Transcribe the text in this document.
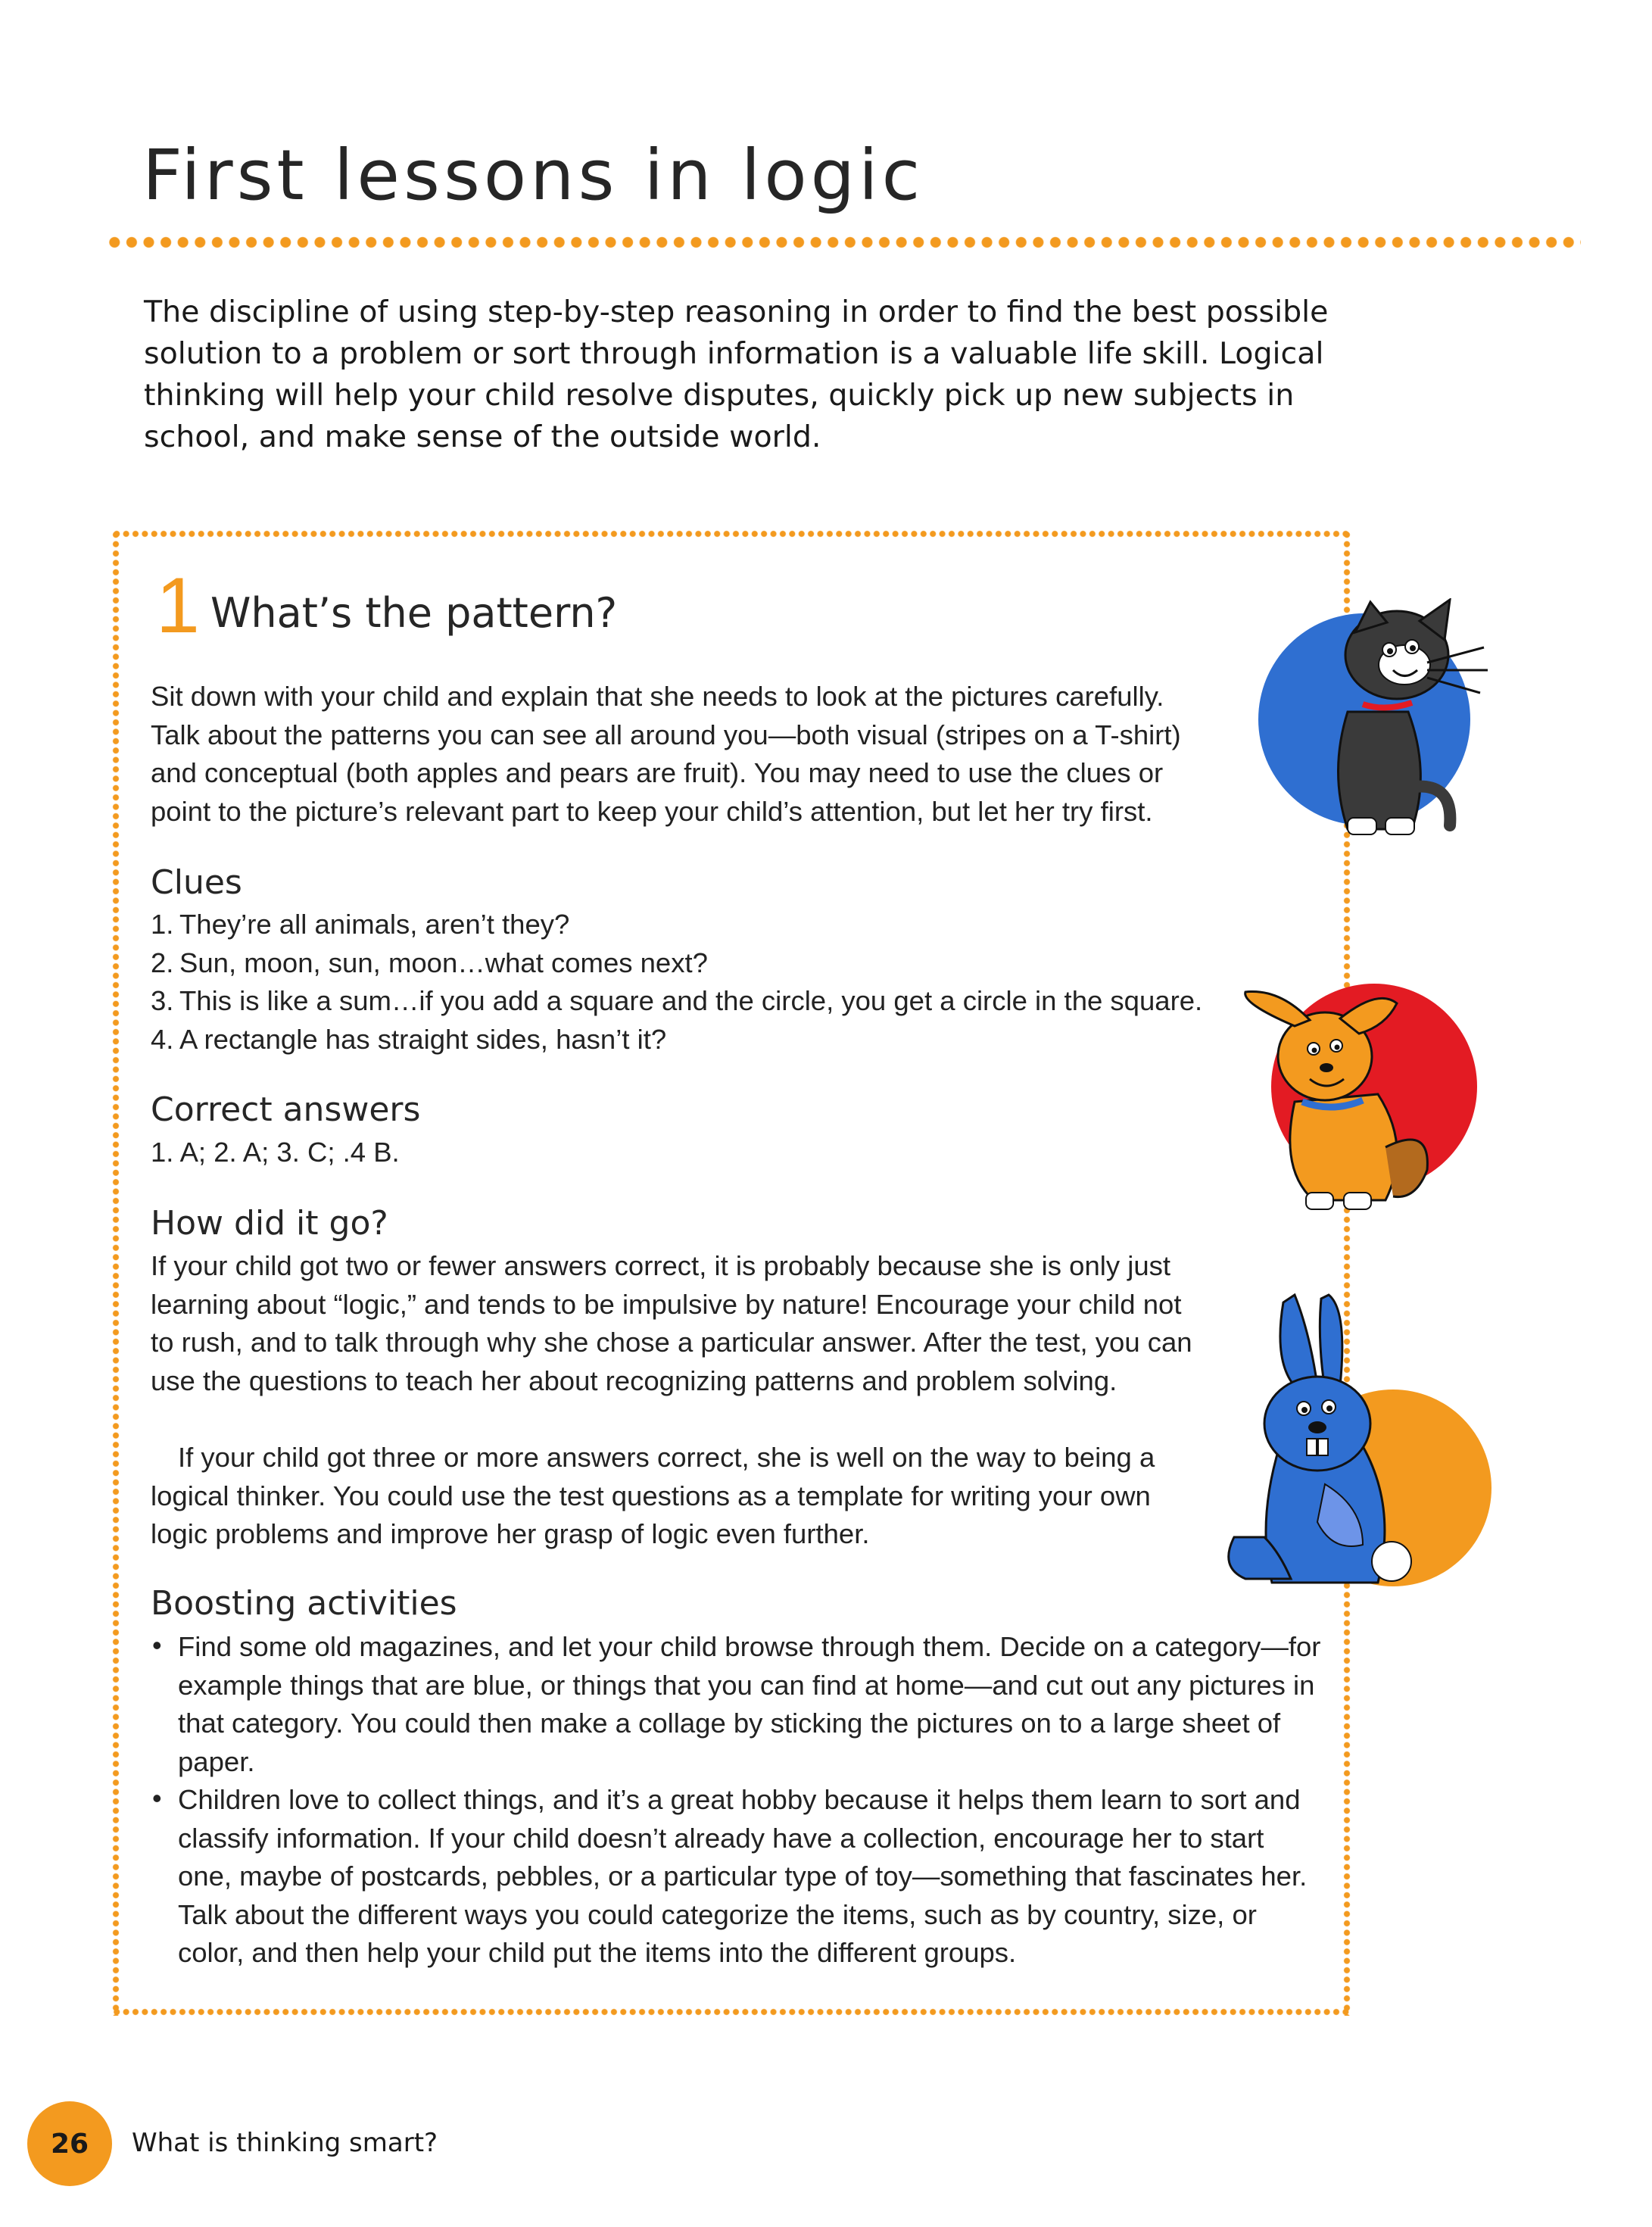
First lessons in logic

The discipline of using step-by-step reasoning in order to find the best possible solution to a problem or sort through information is a valuable life skill. Logical thinking will help your child resolve disputes, quickly pick up new subjects in school, and make sense of the outside world.

1 What’s the pattern?

Sit down with your child and explain that she needs to look at the pictures carefully. Talk about the patterns you can see all around you—both visual (stripes on a T-shirt) and conceptual (both apples and pears are fruit). You may need to use the clues or point to the picture’s relevant part to keep your child’s attention, but let her try first.

Clues
1. They’re all animals, aren’t they?
2. Sun, moon, sun, moon…what comes next?
3. This is like a sum…if you add a square and the circle, you get a circle in the square.
4. A rectangle has straight sides, hasn’t it?
Correct answers

1. A; 2. A; 3. C; .4 B.

How did it go?

If your child got two or fewer answers correct, it is probably because she is only just learning about “logic,” and tends to be impulsive by nature! Encourage your child not to rush, and to talk through why she chose a particular answer. After the test, you can use the questions to teach her about recognizing patterns and problem solving.

If your child got three or more answers correct, she is well on the way to being a logical thinker. You could use the test questions as a template for writing your own logic problems and improve her grasp of logic even further.

Boosting activities
• Find some old magazines, and let your child browse through them. Decide on a category—for example things that are blue, or things that you can find at home—and cut out any pictures in that category. You could then make a collage by sticking the pictures on to a large sheet of paper.
• Children love to collect things, and it’s a great hobby because it helps them learn to sort and classify information. If your child doesn’t already have a collection, encourage her to start one, maybe of postcards, pebbles, or a particular type of toy—something that fascinates her. Talk about the different ways you could categorize the items, such as by country, size, or color, and then help your child put the items into the different groups.
26	What is thinking smart?
